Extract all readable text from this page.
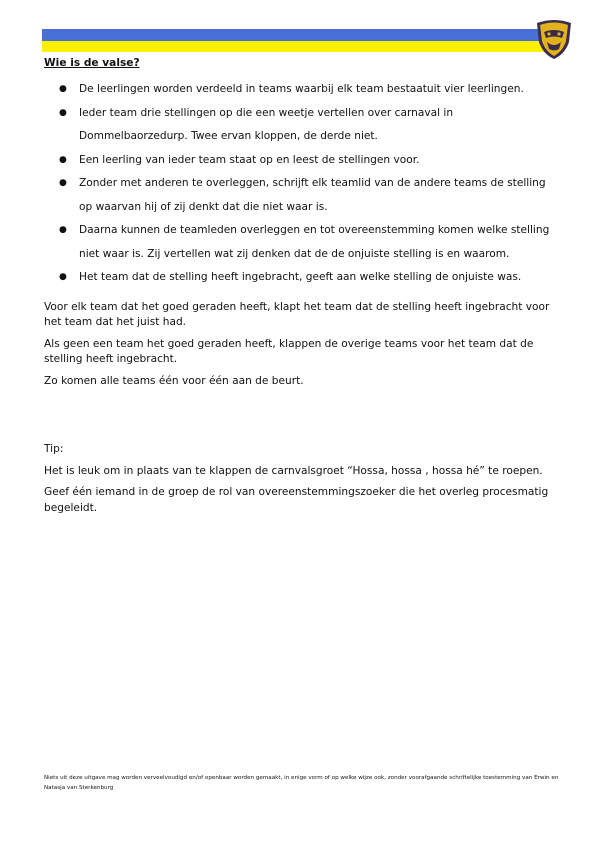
Wie is de valse?
● De leerlingen worden verdeeld in teams waarbij elk team bestaatuit vier leerlingen.
● Ieder team drie stellingen op die een weetje vertellen over carnaval in Dommelbaorzedurp. Twee ervan kloppen, de derde niet.
● Een leerling van ieder team staat op en leest de stellingen voor.
● Zonder met anderen te overleggen, schrijft elk teamlid van de andere teams de stelling op waarvan hij of zij denkt dat die niet waar is.
● Daarna kunnen de teamleden overleggen en tot overeenstemming komen welke stelling niet waar is. Zij vertellen wat zij denken dat de de onjuiste stelling is en waarom.
● Het team dat de stelling heeft ingebracht, geeft aan welke stelling de onjuiste was.

Voor elk team dat het goed geraden heeft, klapt het team dat de stelling heeft ingebracht voor het team dat het juist had.

Als geen een team het goed geraden heeft, klappen de overige teams voor het team dat de stelling heeft ingebracht.

Zo komen alle teams één voor één aan de beurt.

Tip:

Het is leuk om in plaats van te klappen de carnvalsgroet “Hossa, hossa , hossa hé” te roepen.

Geef één iemand in de groep de rol van overeenstemmingszoeker die het overleg procesmatig begeleidt.

Niets uit deze uitgave mag worden verveelvoudigd en/of openbaar worden gemaakt, in enige vorm of op welke wijze ook, zonder voorafgaande schriftelijke toestemming van Erwin en Natasja van Sterkenburg
